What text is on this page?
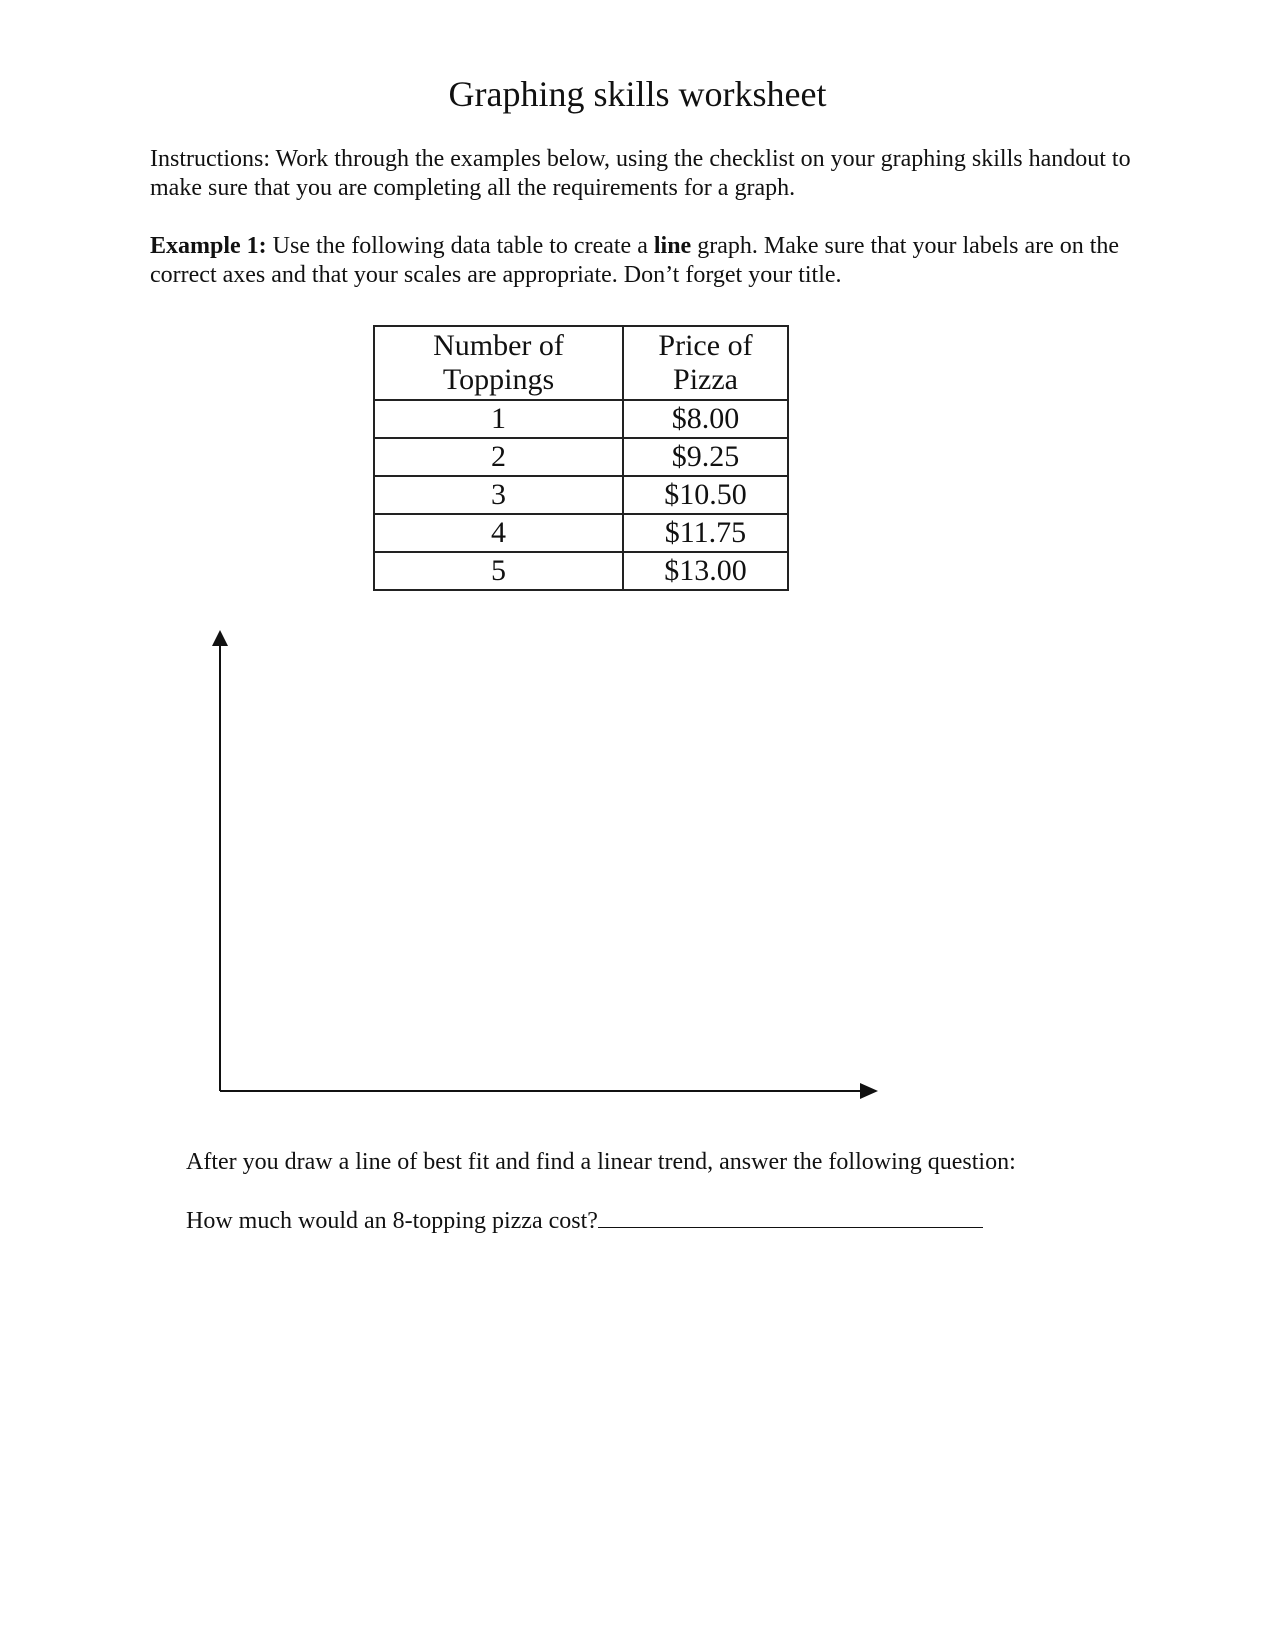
Graphing skills worksheet

Instructions: Work through the examples below, using the checklist on your graphing skills handout to make sure that you are completing all the requirements for a graph.

Example 1: Use the following data table to create a line graph. Make sure that your labels are on the correct axes and that your scales are appropriate. Don’t forget your title.

Number of Toppings	Price of Pizza
1	$8.00
2	$9.25
3	$10.50
4	$11.75
5	$13.00

After you draw a line of best fit and find a linear trend, answer the following question:

How much would an 8-topping pizza cost?
